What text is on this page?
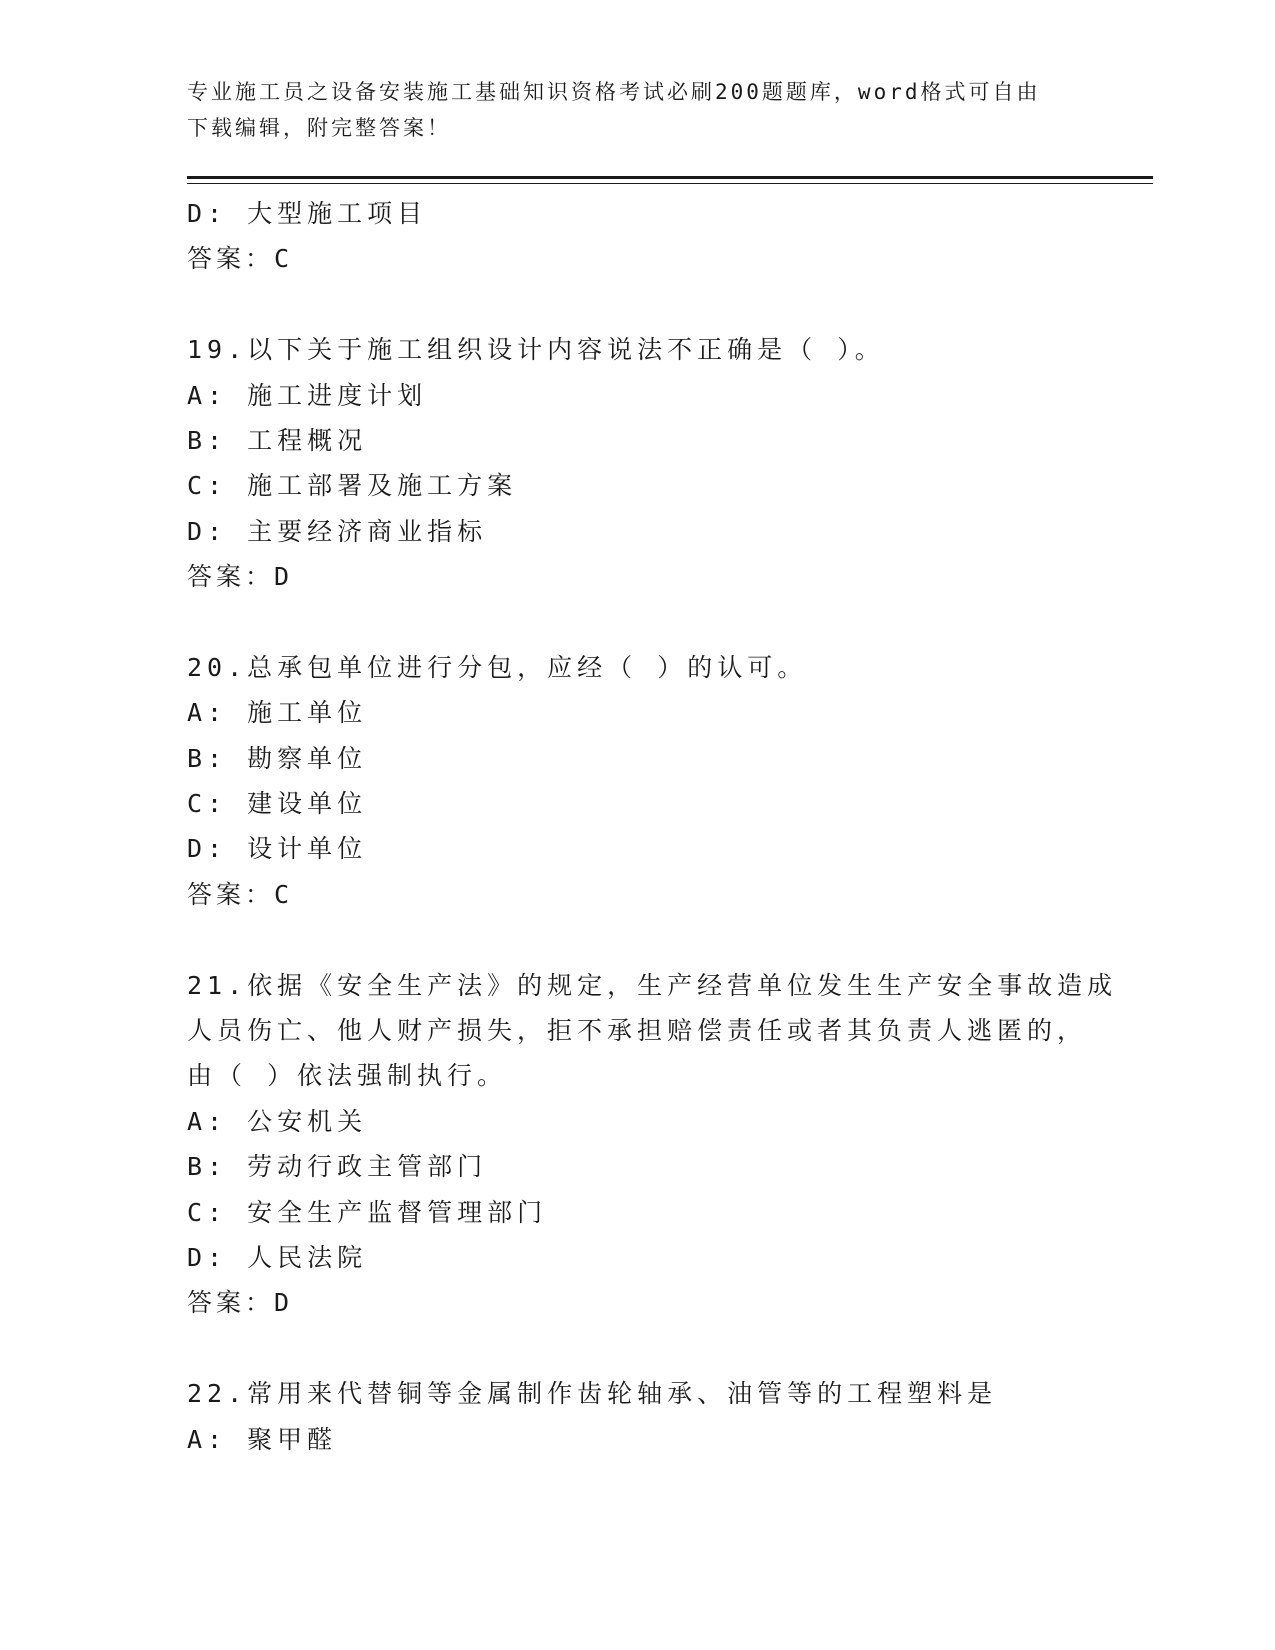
专业施工员之设备安装施工基础知识资格考试必刷200题题库，word格式可自由
下载编辑，附完整答案！
D: 大型施工项目
答案：C
19.以下关于施工组织设计内容说法不正确是（ ）。
A: 施工进度计划
B: 工程概况
C: 施工部署及施工方案
D: 主要经济商业指标
答案：D
20.总承包单位进行分包，应经（ ）的认可。
A: 施工单位
B: 勘察单位
C: 建设单位
D: 设计单位
答案：C
21.依据《安全生产法》的规定，生产经营单位发生生产安全事故造成
人员伤亡、他人财产损失，拒不承担赔偿责任或者其负责人逃匿的，
由（ ）依法强制执行。
A: 公安机关
B: 劳动行政主管部门
C: 安全生产监督管理部门
D: 人民法院
答案：D
22.常用来代替铜等金属制作齿轮轴承、油管等的工程塑料是
A: 聚甲醛
